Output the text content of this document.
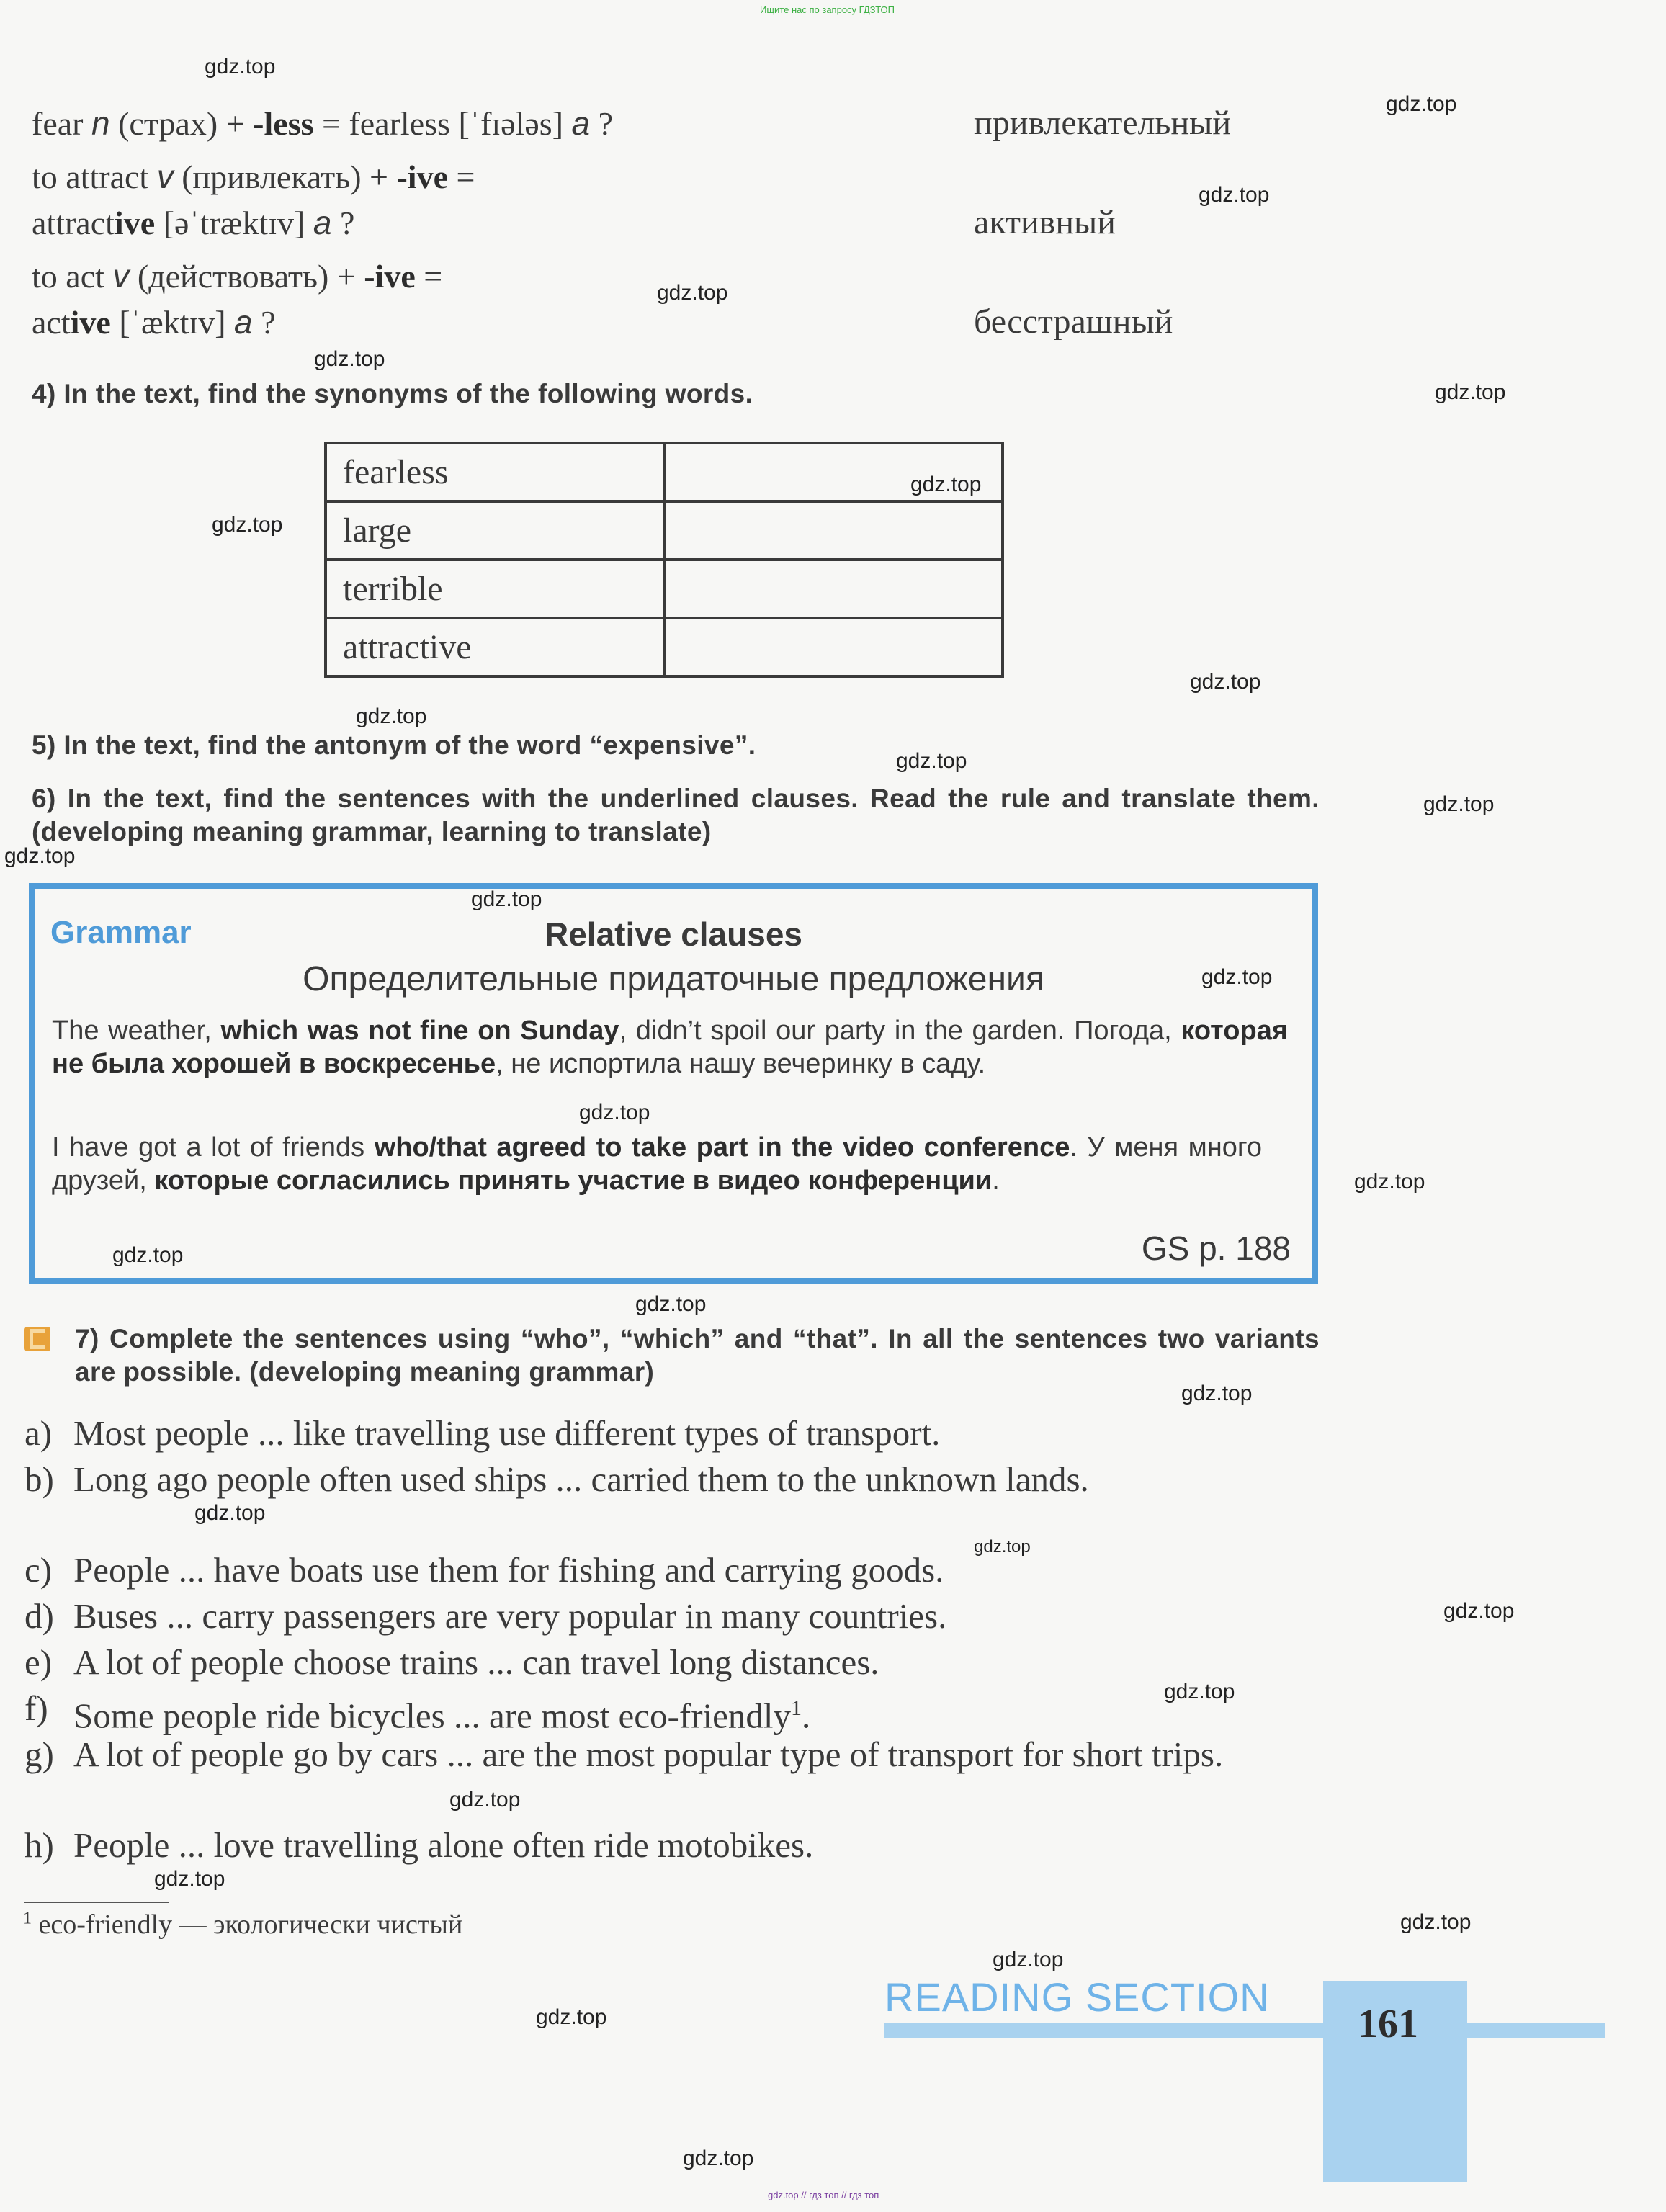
Ищите нас по запросу ГДЗТОП
fear n (страх) + -less = fearless [ˈfɪələs] a ?
to attract v (привлекать) + -ive =
attractive [əˈtræktɪv] a ?
to act v (действовать) + -ive =
active [ˈæktɪv] a ?
привлекательный
активный
бесстрашный
4) In the text, find the synonyms of the following words.
fearless	
large	
terrible	
attractive	
5) In the text, find the antonym of the word “expensive”.
6) In the text, find the sentences with the underlined clauses. Read the rule and translate them. (developing meaning grammar, learning to translate)
Grammar	Relative clauses
Определительные придаточные предложения
The weather, which was not fine on Sunday, didn’t spoil our party in the garden. Погода, которая не была хорошей в воскресенье, не испортила нашу вечеринку в саду.
I have got a lot of friends who/that agreed to take part in the video conference. У меня много друзей, которые согласились принять участие в видео конференции.
GS p. 188
7) Complete the sentences using “who”, “which” and “that”. In all the sentences two variants are possible. (developing meaning grammar)
a) Most people ... like travelling use different types of transport.
b) Long ago people often used ships ... carried them to the unknown lands.
c) People ... have boats use them for fishing and carrying goods.
d) Buses ... carry passengers are very popular in many countries.
e) A lot of people choose trains ... can travel long distances.
f) Some people ride bicycles ... are most eco-friendly$^1$.
g) A lot of people go by cars ... are the most popular type of transport for short trips.
h) People ... love travelling alone often ride motobikes.
$^1$ eco-friendly — экологически чистый
READING SECTION
161
gdz.top
gdz.top
gdz.top
gdz.top
gdz.top
gdz.top
gdz.top
gdz.top
gdz.top
gdz.top
gdz.top
gdz.top
gdz.top
gdz.top
gdz.top
gdz.top
gdz.top
gdz.top
gdz.top
gdz.top
gdz.top
gdz.top
gdz.top
gdz.top
gdz.top
gdz.top
gdz.top
gdz.top
gdz.top
gdz.top
gdz.top // гдз топ // гдз топ
